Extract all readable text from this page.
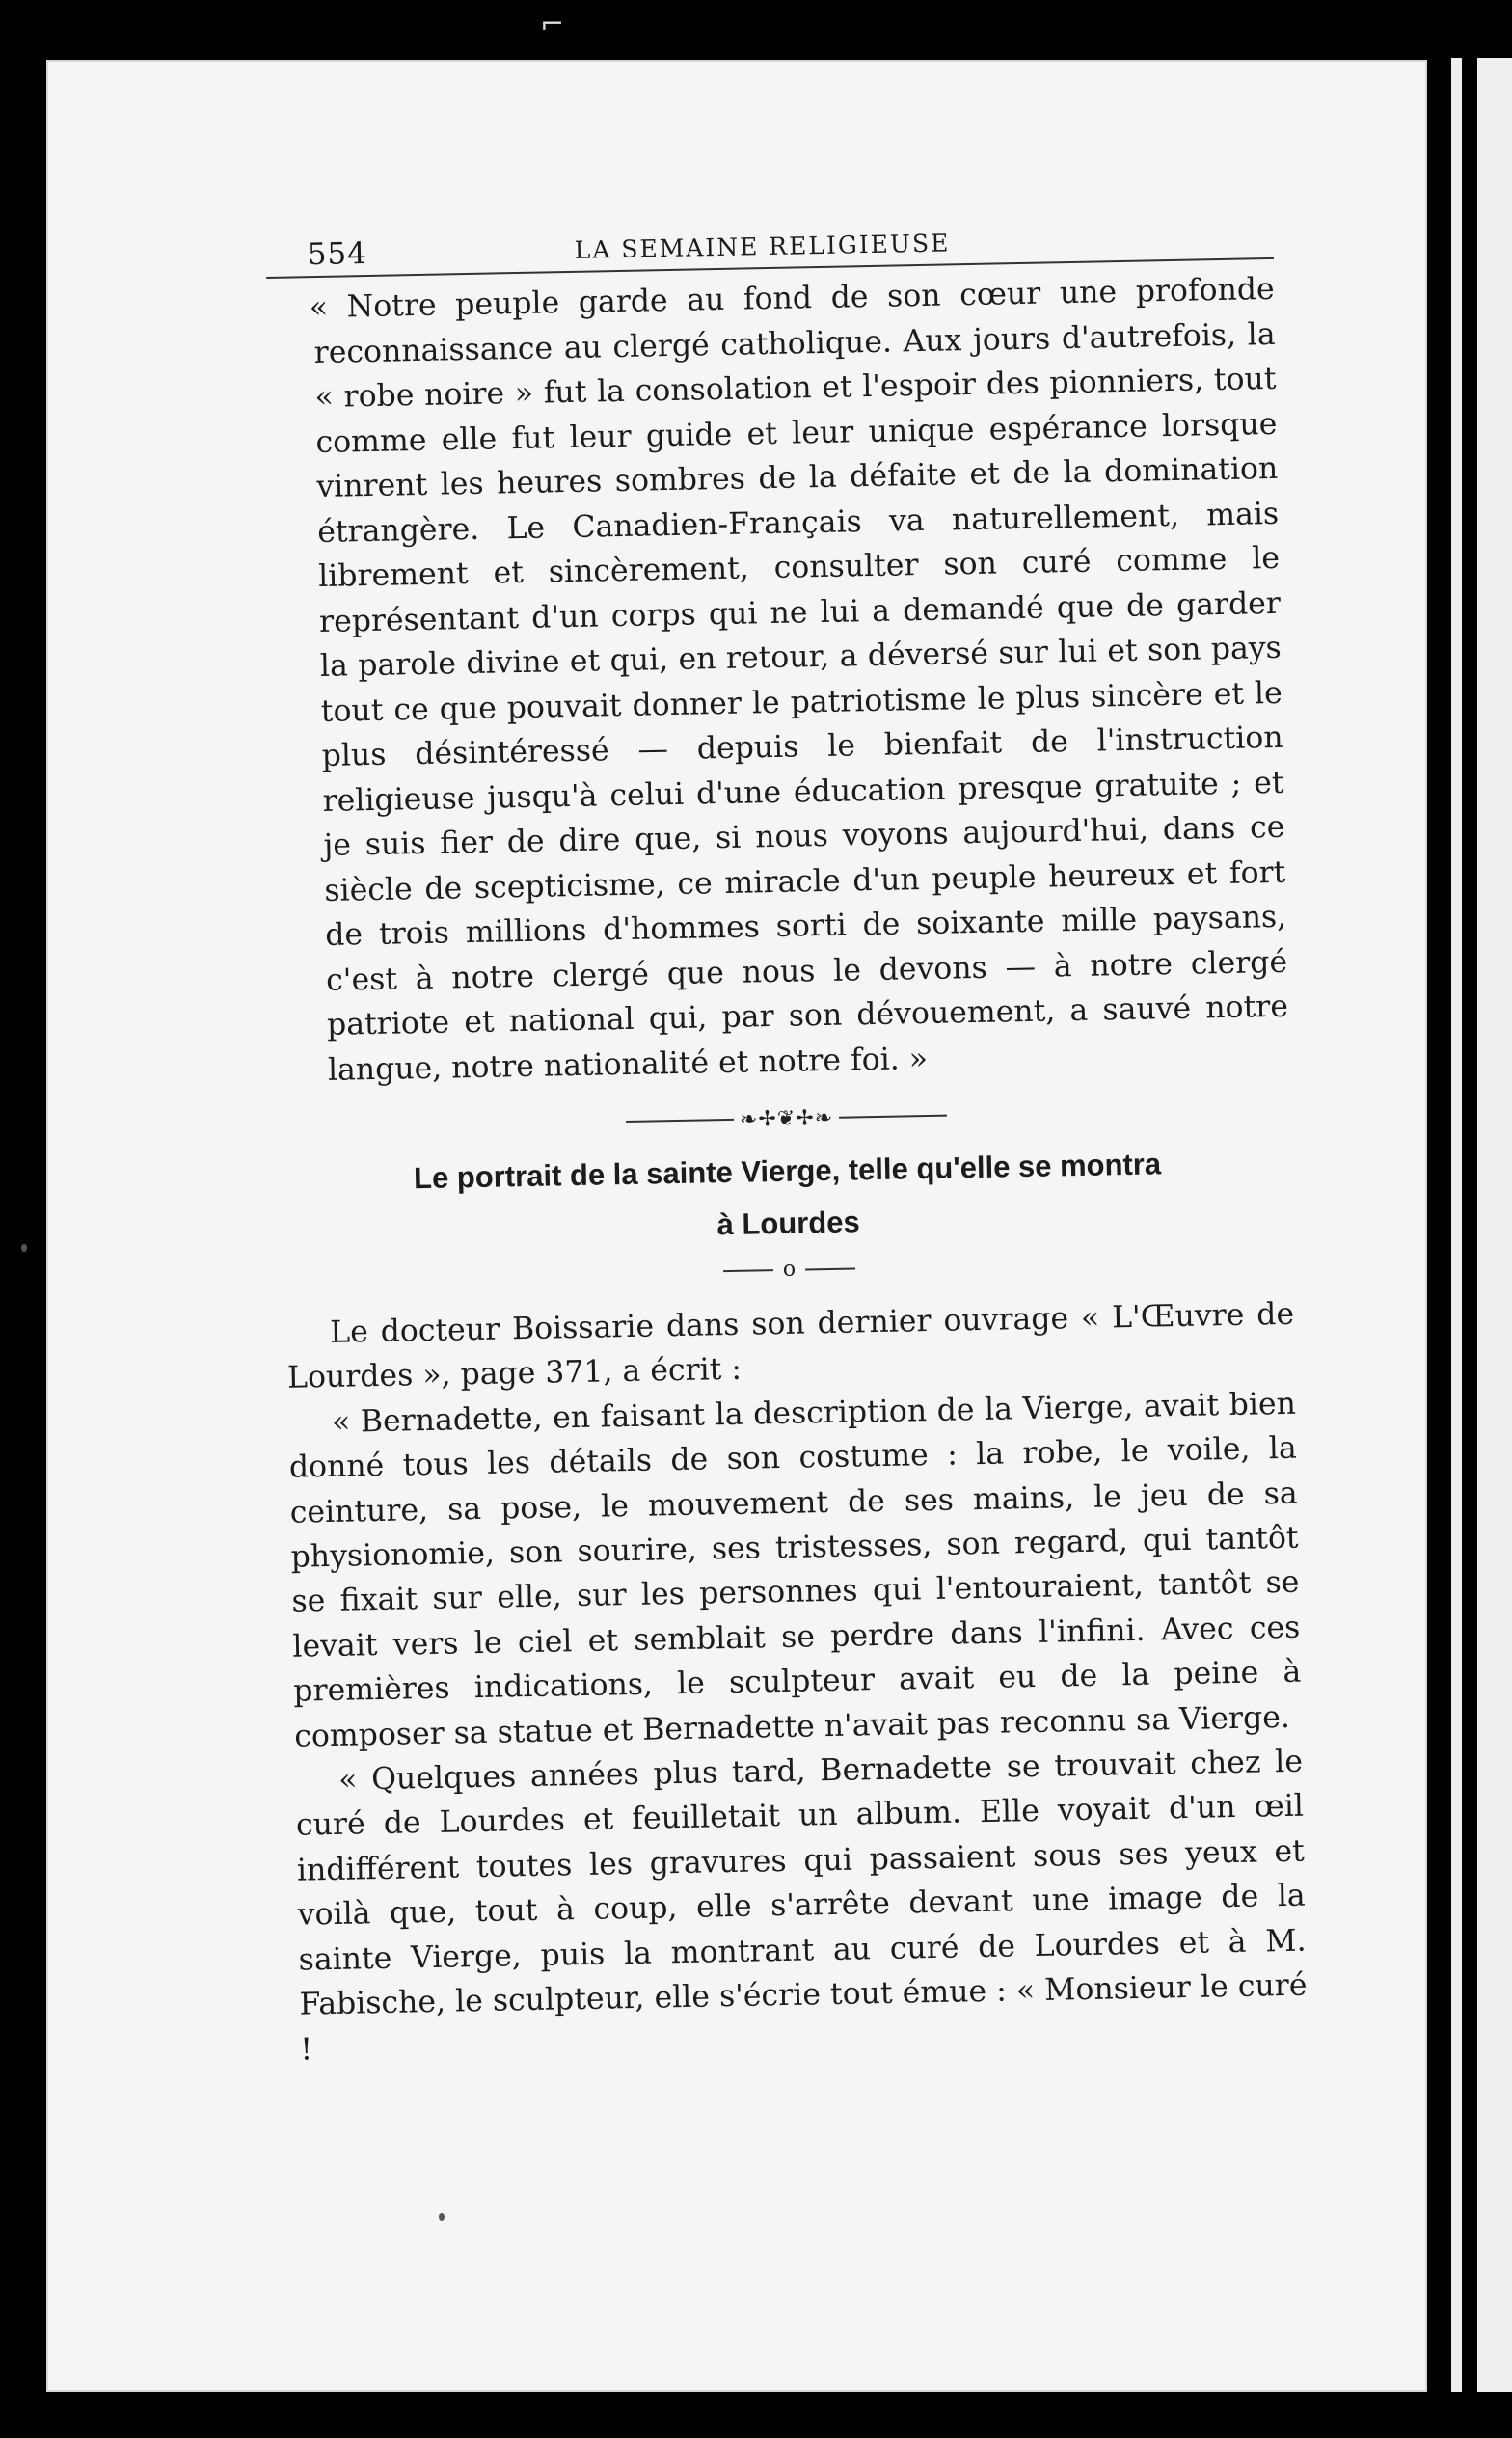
⌐
554	LA SEMAINE RELIGIEUSE

« Notre peuple garde au fond de son cœur une profonde reconnaissance au clergé catholique. Aux jours d'autrefois, la « robe noire » fut la consolation et l'espoir des pionniers, tout comme elle fut leur guide et leur unique espérance lorsque vinrent les heures sombres de la défaite et de la domination étrangère. Le Canadien-Français va naturellement, mais librement et sincèrement, consulter son curé comme le représentant d'un corps qui ne lui a demandé que de garder la parole divine et qui, en retour, a déversé sur lui et son pays tout ce que pouvait donner le patriotisme le plus sincère et le plus désintéressé — depuis le bienfait de l'instruction religieuse jusqu'à celui d'une éducation presque gratuite ; et je suis fier de dire que, si nous voyons aujourd'hui, dans ce siècle de scepticisme, ce miracle d'un peuple heureux et fort de trois millions d'hommes sorti de soixante mille paysans, c'est à notre clergé que nous le devons — à notre clergé patriote et national qui, par son dévouement, a sauvé notre langue, notre nationalité et notre foi. »

❧✢❦✢❧
Le portrait de la sainte Vierge, telle qu'elle se montra
à Lourdes
o

Le docteur Boissarie dans son dernier ouvrage « L'Œuvre de Lourdes », page 371, a écrit :

« Bernadette, en faisant la description de la Vierge, avait bien donné tous les détails de son costume : la robe, le voile, la ceinture, sa pose, le mouvement de ses mains, le jeu de sa physionomie, son sourire, ses tristesses, son regard, qui tantôt se fixait sur elle, sur les personnes qui l'entouraient, tantôt se levait vers le ciel et semblait se perdre dans l'infini. Avec ces premières indications, le sculpteur avait eu de la peine à composer sa statue et Bernadette n'avait pas reconnu sa Vierge.

« Quelques années plus tard, Bernadette se trouvait chez le curé de Lourdes et feuilletait un album. Elle voyait d'un œil indifférent toutes les gravures qui passaient sous ses yeux et voilà que, tout à coup, elle s'arrête devant une image de la sainte Vierge, puis la montrant au curé de Lourdes et à M. Fabische, le sculpteur, elle s'écrie tout émue : « Monsieur le curé !
